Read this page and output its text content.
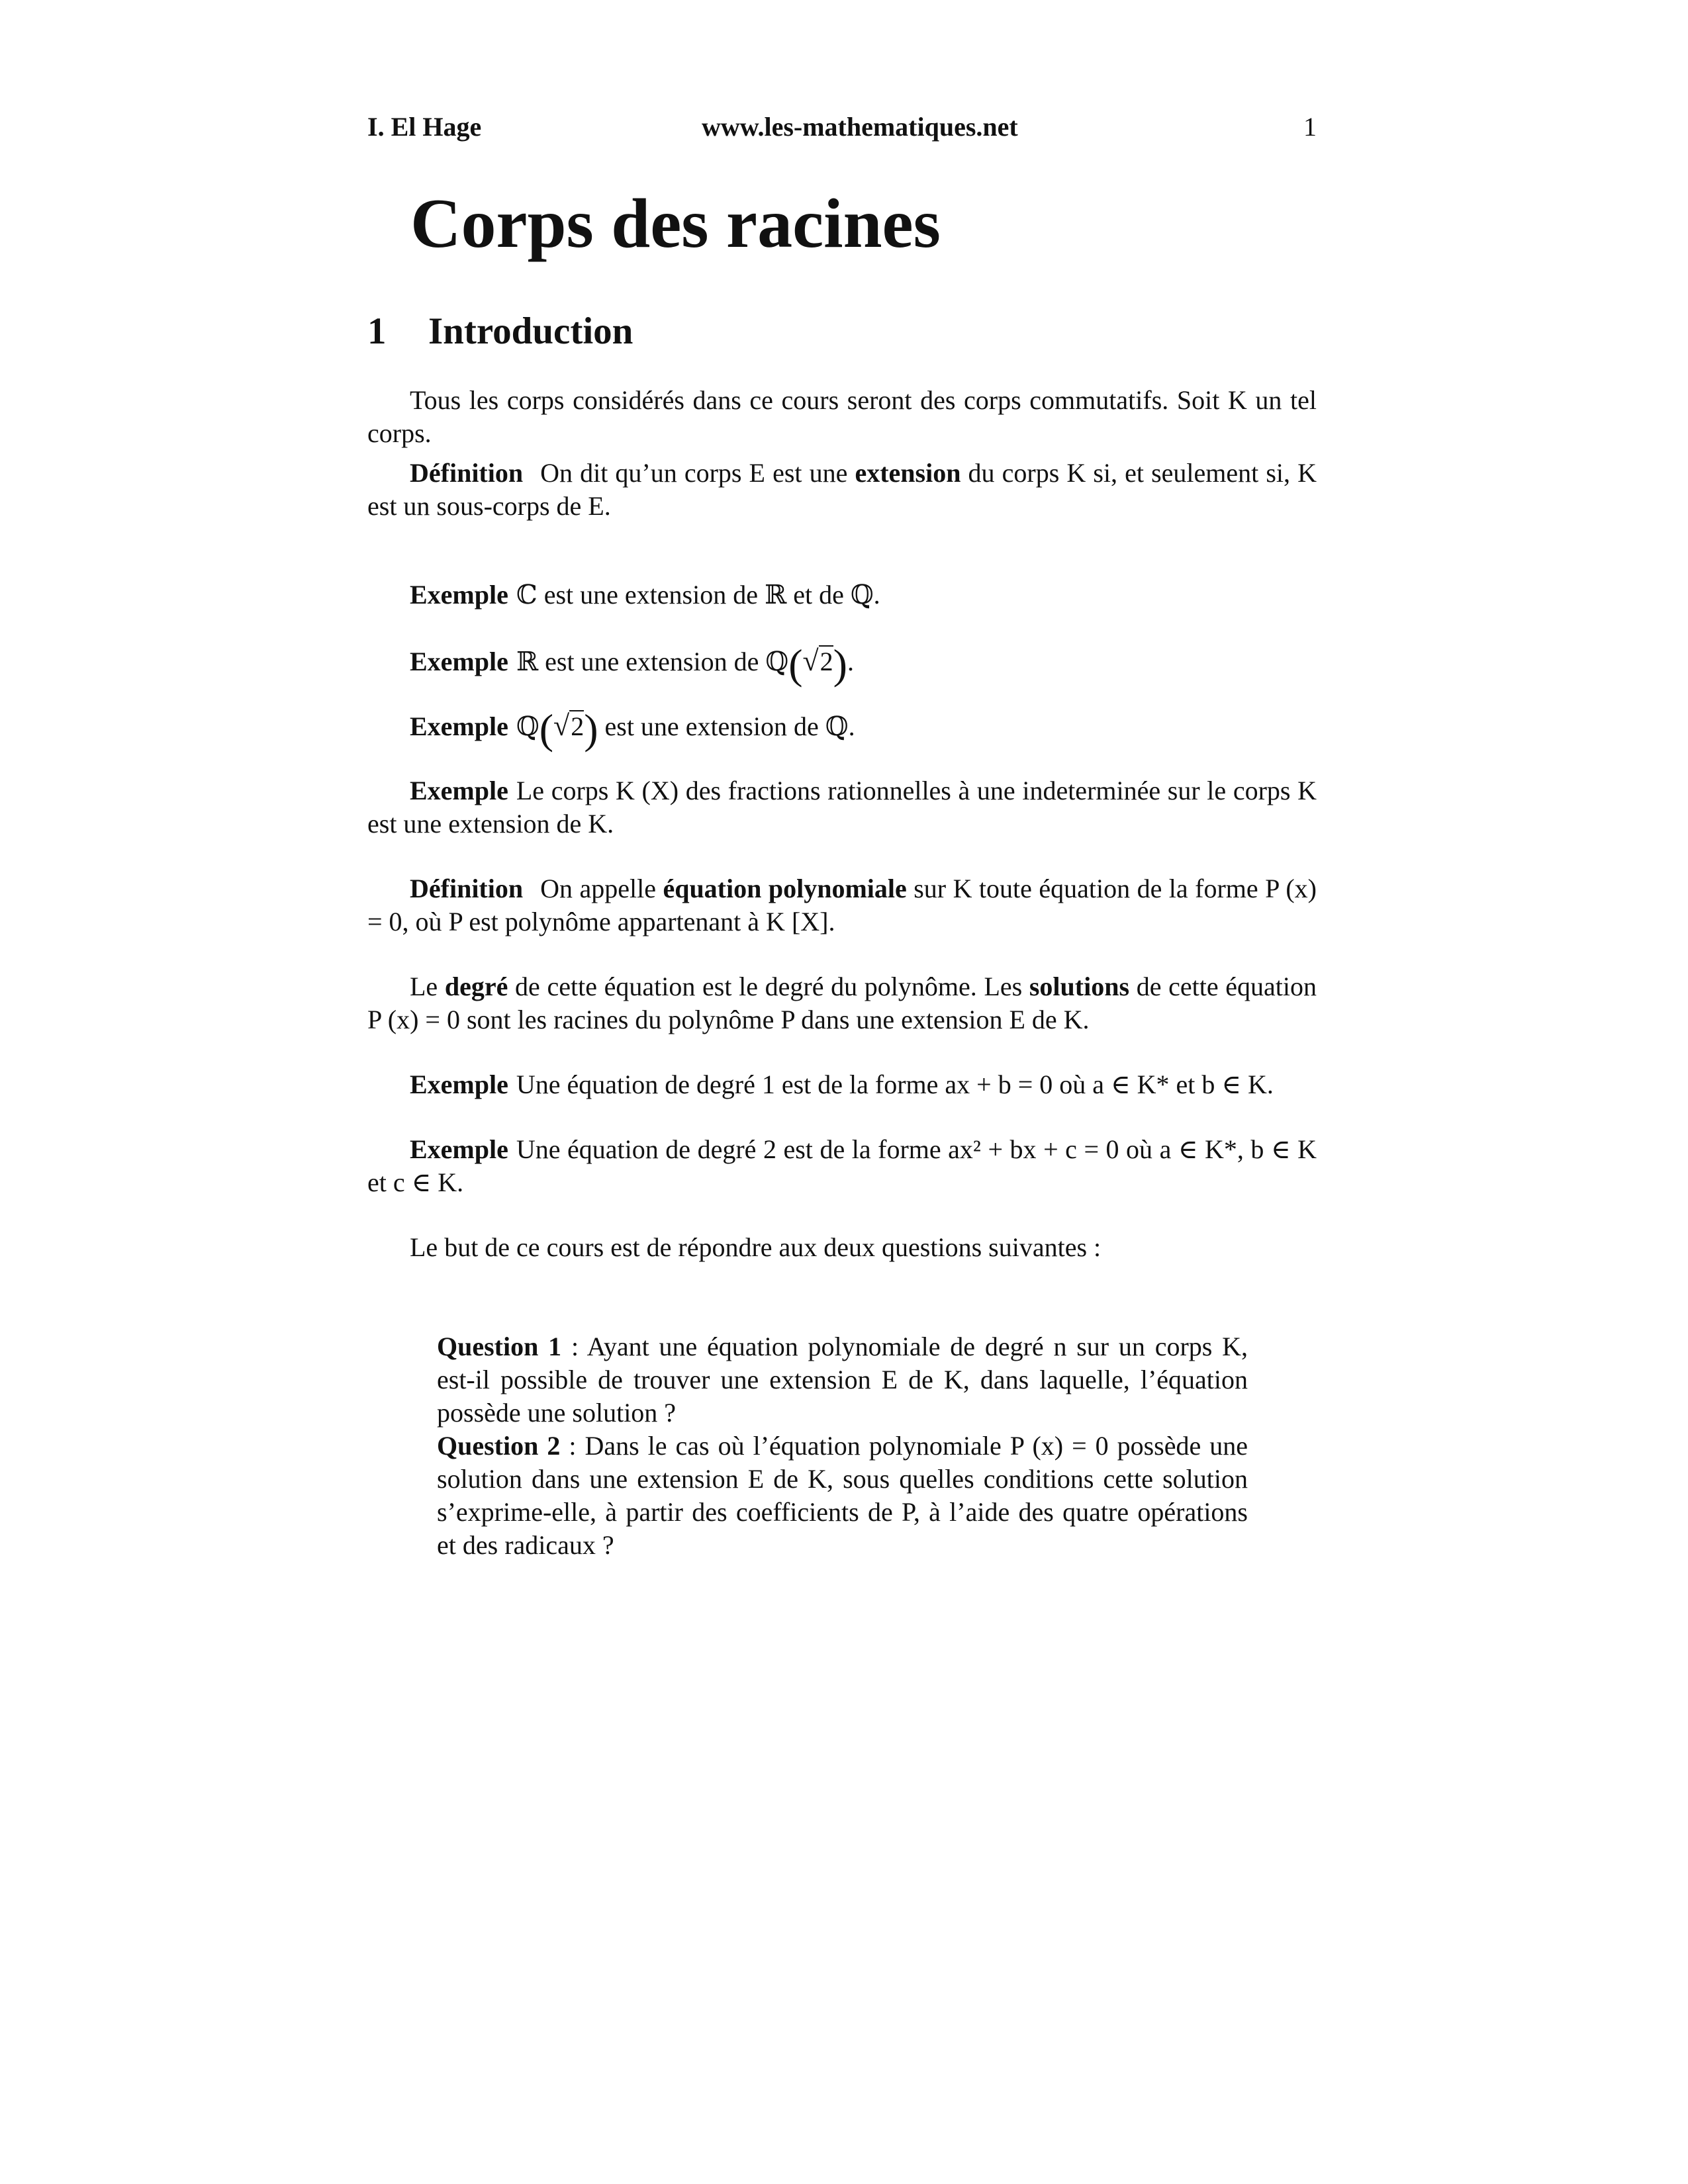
I. El Hage	www.les-mathematiques.net	1
Corps des racines
1 Introduction

Tous les corps considérés dans ce cours seront des corps commutatifs. Soit K un tel corps.

Définition On dit qu’un corps E est une extension du corps K si, et seulement si, K est un sous-corps de E.

Exemple ℂ est une extension de ℝ et de ℚ.

Exemple ℝ est une extension de ℚ(√2).

Exemple ℚ(√2) est une extension de ℚ.

Exemple Le corps K (X) des fractions rationnelles à une indeterminée sur le corps K est une extension de K.

Définition On appelle équation polynomiale sur K toute équation de la forme P (x) = 0, où P est polynôme appartenant à K [X].

Le degré de cette équation est le degré du polynôme. Les solutions de cette équation P (x) = 0 sont les racines du polynôme P dans une extension E de K.

Exemple Une équation de degré 1 est de la forme ax + b = 0 où a ∈ K* et b ∈ K.

Exemple Une équation de degré 2 est de la forme ax² + bx + c = 0 où a ∈ K*, b ∈ K et c ∈ K.

Le but de ce cours est de répondre aux deux questions suivantes :

Question 1 : Ayant une équation polynomiale de degré n sur un corps K, est-il possible de trouver une extension E de K, dans laquelle, l’équation possède une solution ?
Question 2 : Dans le cas où l’équation polynomiale P (x) = 0 possède une solution dans une extension E de K, sous quelles conditions cette solution s’exprime-elle, à partir des coefficients de P, à l’aide des quatre opérations et des radicaux ?
